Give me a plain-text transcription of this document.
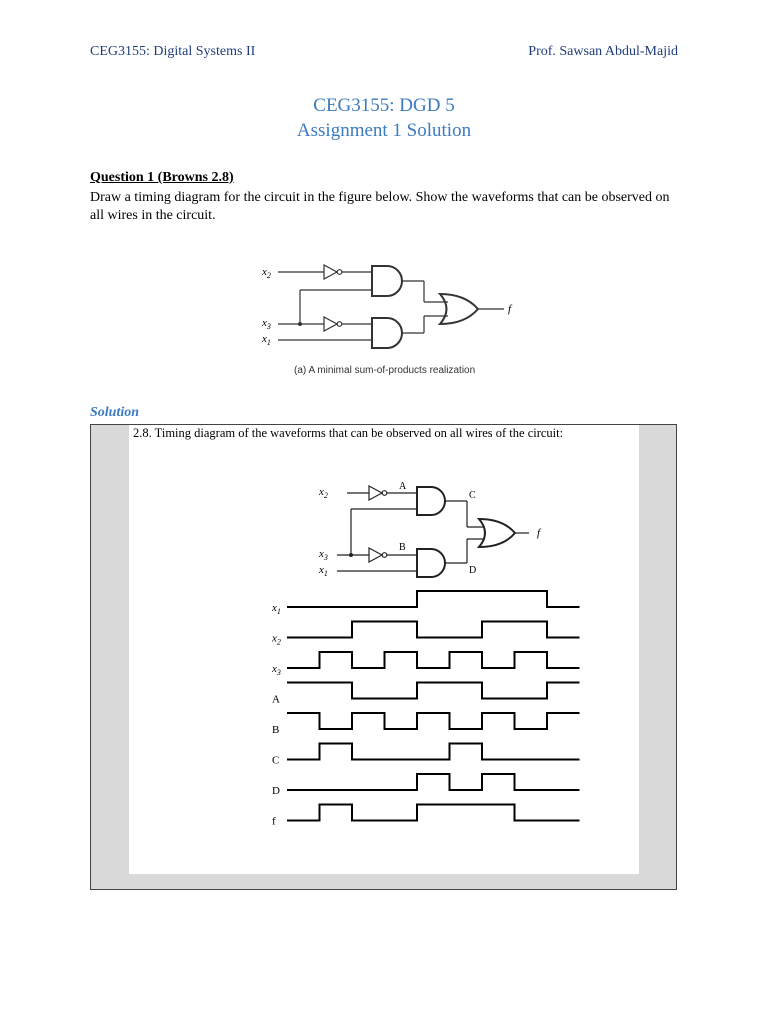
CEG3155: Digital Systems II	Prof. Sawsan Abdul-Majid
CEG3155: DGD 5
Assignment 1 Solution
Question 1 (Browns 2.8)
Draw a timing diagram for the circuit in the figure below. Show the waveforms that can be observed on all wires in the circuit.
$x_2$
$x_3$
$x_1$
f
(a) A minimal sum-of-products realization
Solution
2.8. Timing diagram of the waveforms that can be observed on all wires of the circuit:
$x_2$
$x_3$
$x_1$
A
B
C
D
f
$x_1$
$x_2$
$x_3$
A
B
C
D
f
